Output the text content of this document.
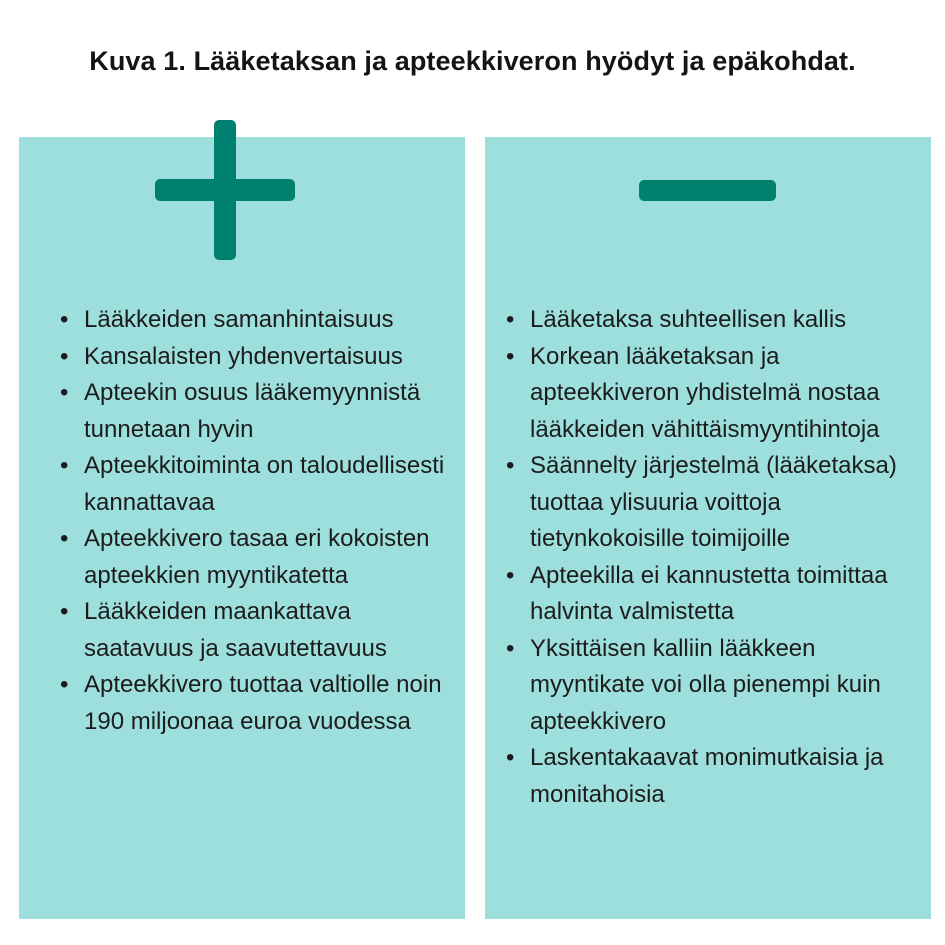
Kuva 1. Lääketaksan ja apteekkiveron hyödyt ja epäkohdat.
• Lääkkeiden samanhintaisuus
• Kansalaisten yhdenvertaisuus
• Apteekin osuus lääkemyynnistä tunnetaan hyvin
• Apteekkitoiminta on taloudellisesti kannattavaa
• Apteekkivero tasaa eri kokoisten apteekkien myyntikatetta
• Lääkkeiden maankattava saatavuus ja saavutettavuus
• Apteekkivero tuottaa valtiolle noin 190 miljoonaa euroa vuodessa
• Lääketaksa suhteellisen kallis
• Korkean lääketaksan ja apteekkiveron yhdistelmä nostaa lääkkeiden vähittäismyyntihintoja
• Säännelty järjestelmä (lääketaksa) tuottaa ylisuuria voittoja tietynkokoisille toimijoille
• Apteekilla ei kannustetta toimittaa halvinta valmistetta
• Yksittäisen kalliin lääkkeen myyntikate voi olla pienempi kuin apteekkivero
• Laskentakaavat monimutkaisia ja monitahoisia
